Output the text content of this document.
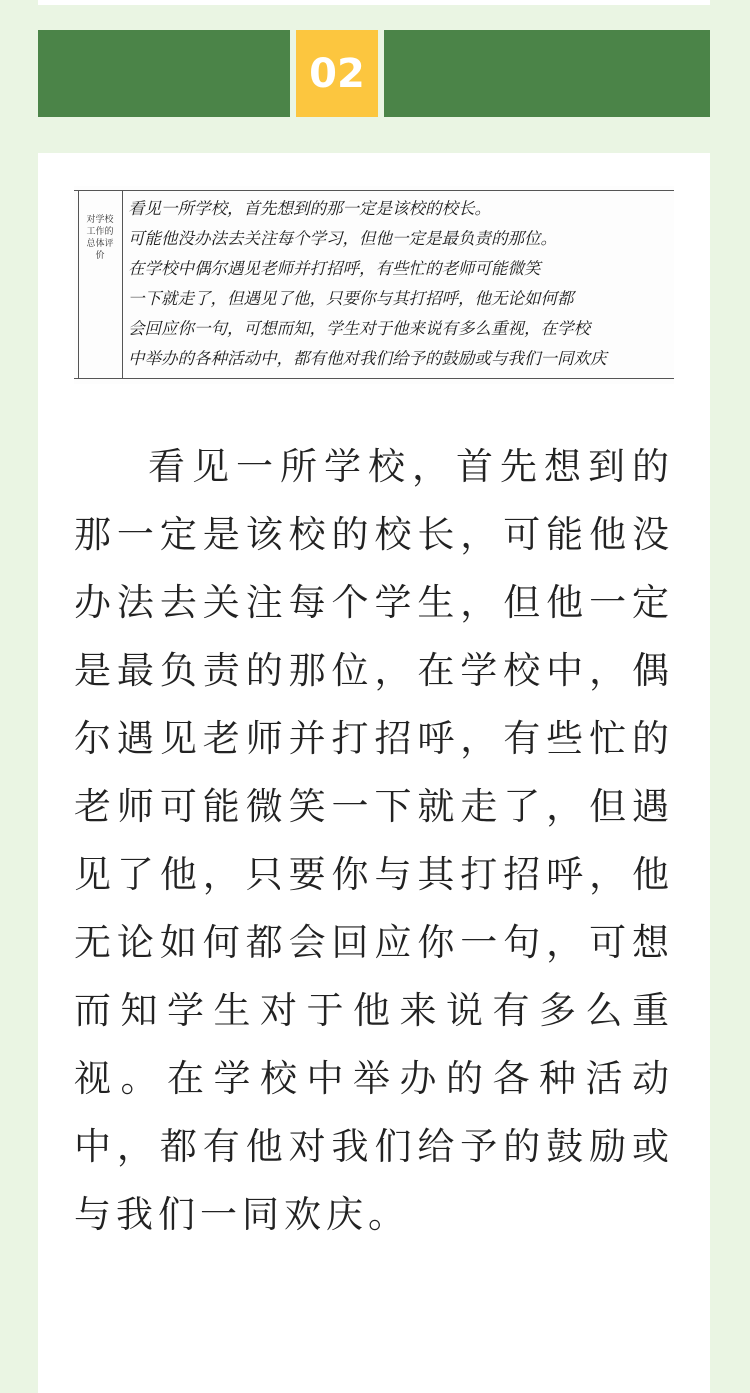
02
对学校工作的总体评价
看见一所学校，首先想到的那一定是该校的校长。
可能他没办法去关注每个学习，但他一定是最负责的那位。
在学校中偶尔遇见老师并打招呼，有些忙的老师可能微笑
一下就走了，但遇见了他，只要你与其打招呼，他无论如何都
会回应你一句，可想而知，学生对于他来说有多么重视，在学校
中举办的各种活动中，都有他对我们给予的鼓励或与我们一同欢庆

看见一所学校，首先想到的那一定是该校的校长，可能他没办法去关注每个学生，但他一定是最负责的那位，在学校中，偶尔遇见老师并打招呼，有些忙的老师可能微笑一下就走了，但遇见了他，只要你与其打招呼，他无论如何都会回应你一句，可想而知学生对于他来说有多么重视。在学校中举办的各种活动中，都有他对我们给予的鼓励或与我们一同欢庆。
